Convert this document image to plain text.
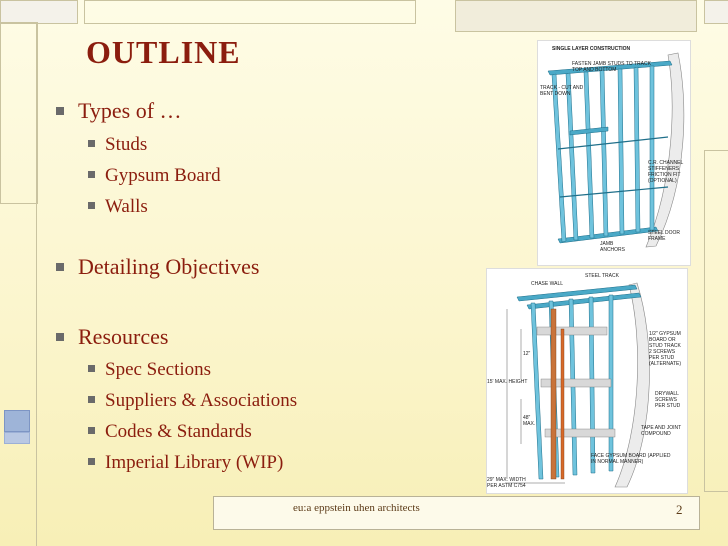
OUTLINE
Types of …
Studs
Gypsum Board
Walls
Detailing Objectives
Resources
Spec Sections
Suppliers & Associations
Codes & Standards
Imperial Library (WIP)
SINGLE LAYER CONSTRUCTION
FASTEN JAMB STUDS TO TRACK
TOP AND BOTTOM
TRACK - CUT AND
BENT DOWN
C.R. CHANNEL
STIFFENERS
FRICTION FIT
(OPTIONAL)
STEEL DOOR
FRAME
JAMB
ANCHORS
STEEL TRACK
CHASE WALL
12"
15' MAX. HEIGHT
48"
MAX.
1/2" GYPSUM
BOARD OR
STUD TRACK
2 SCREWS
PER STUD
(ALTERNATE)
DRYWALL
SCREWS
PER STUD
TAPE AND JOINT
COMPOUND
FACE GYPSUM BOARD (APPLIED
IN NORMAL MANNER)
29" MAX. WIDTH
PER ASTM C754
eu:a eppstein uhen architects	2
